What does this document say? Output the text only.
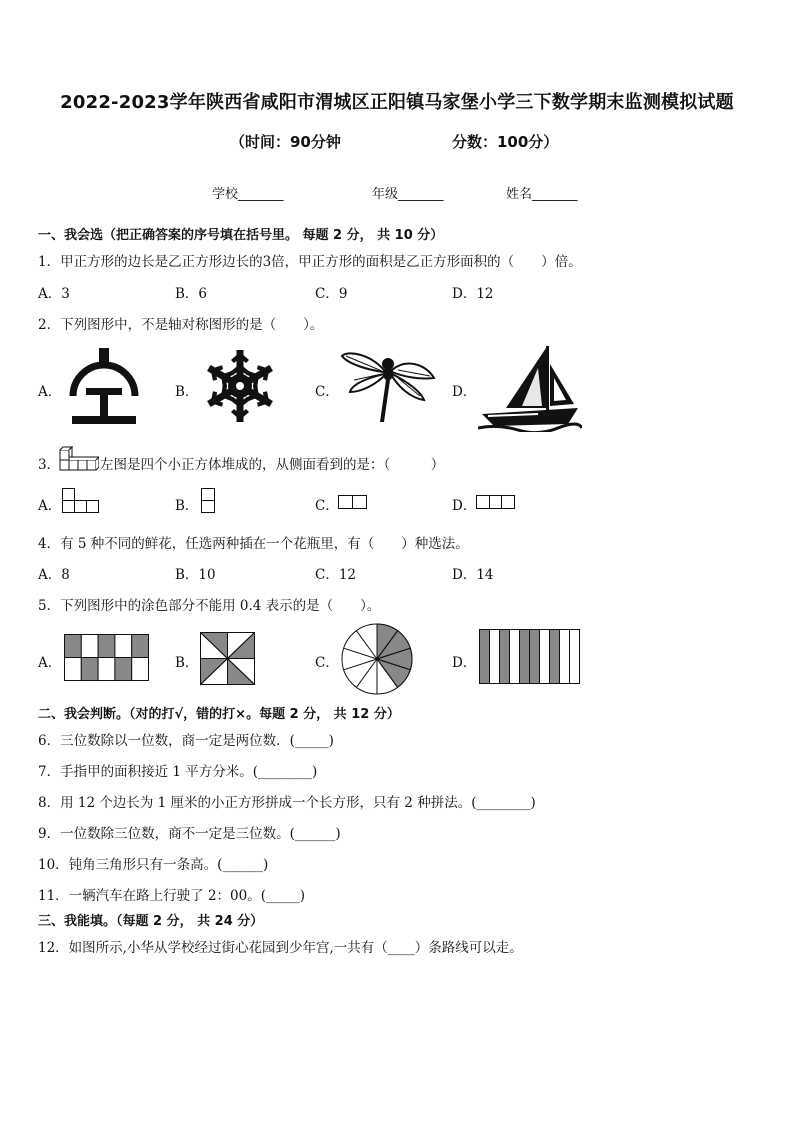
2022-2023学年陕西省咸阳市渭城区正阳镇马家堡小学三下数学期末监测模拟试题
（时间：90分钟	分数：100分）
学校_______	年级_______	姓名_______
一、我会选（把正确答案的序号填在括号里。 每题 2 分， 共 10 分）
1．甲正方形的边长是乙正方形边长的3倍，甲正方形的面积是乙正方形面积的（　　）倍。
A．3	B．6	C．9	D．12
2．下列图形中，不是轴对称图形的是（　　）。
A．	B．	C．	D．
3．	左图是四个小正方体堆成的，从侧面看到的是：（　　　）
A．	B．	C．	D．
4．有 5 种不同的鲜花，任选两种插在一个花瓶里，有（　　）种选法。
A．8	B．10	C．12	D．14
5．下列图形中的涂色部分不能用 0.4 表示的是（　　）。
A．	B．	C．	D．
二、我会判断。（对的打√，错的打×。每题 2 分， 共 12 分）
6．三位数除以一位数，商一定是两位数．(_____)
7．手指甲的面积接近 1 平方分米。(________)
8．用 12 个边长为 1 厘米的小正方形拼成一个长方形，只有 2 种拼法。(________)
9．一位数除三位数，商不一定是三位数。(______)
10．钝角三角形只有一条高。(______)
11．一辆汽车在路上行驶了 2：00。(_____)
三、我能填。（每题 2 分， 共 24 分）
12．如图所示,小华从学校经过街心花园到少年宫,一共有（____）条路线可以走。
